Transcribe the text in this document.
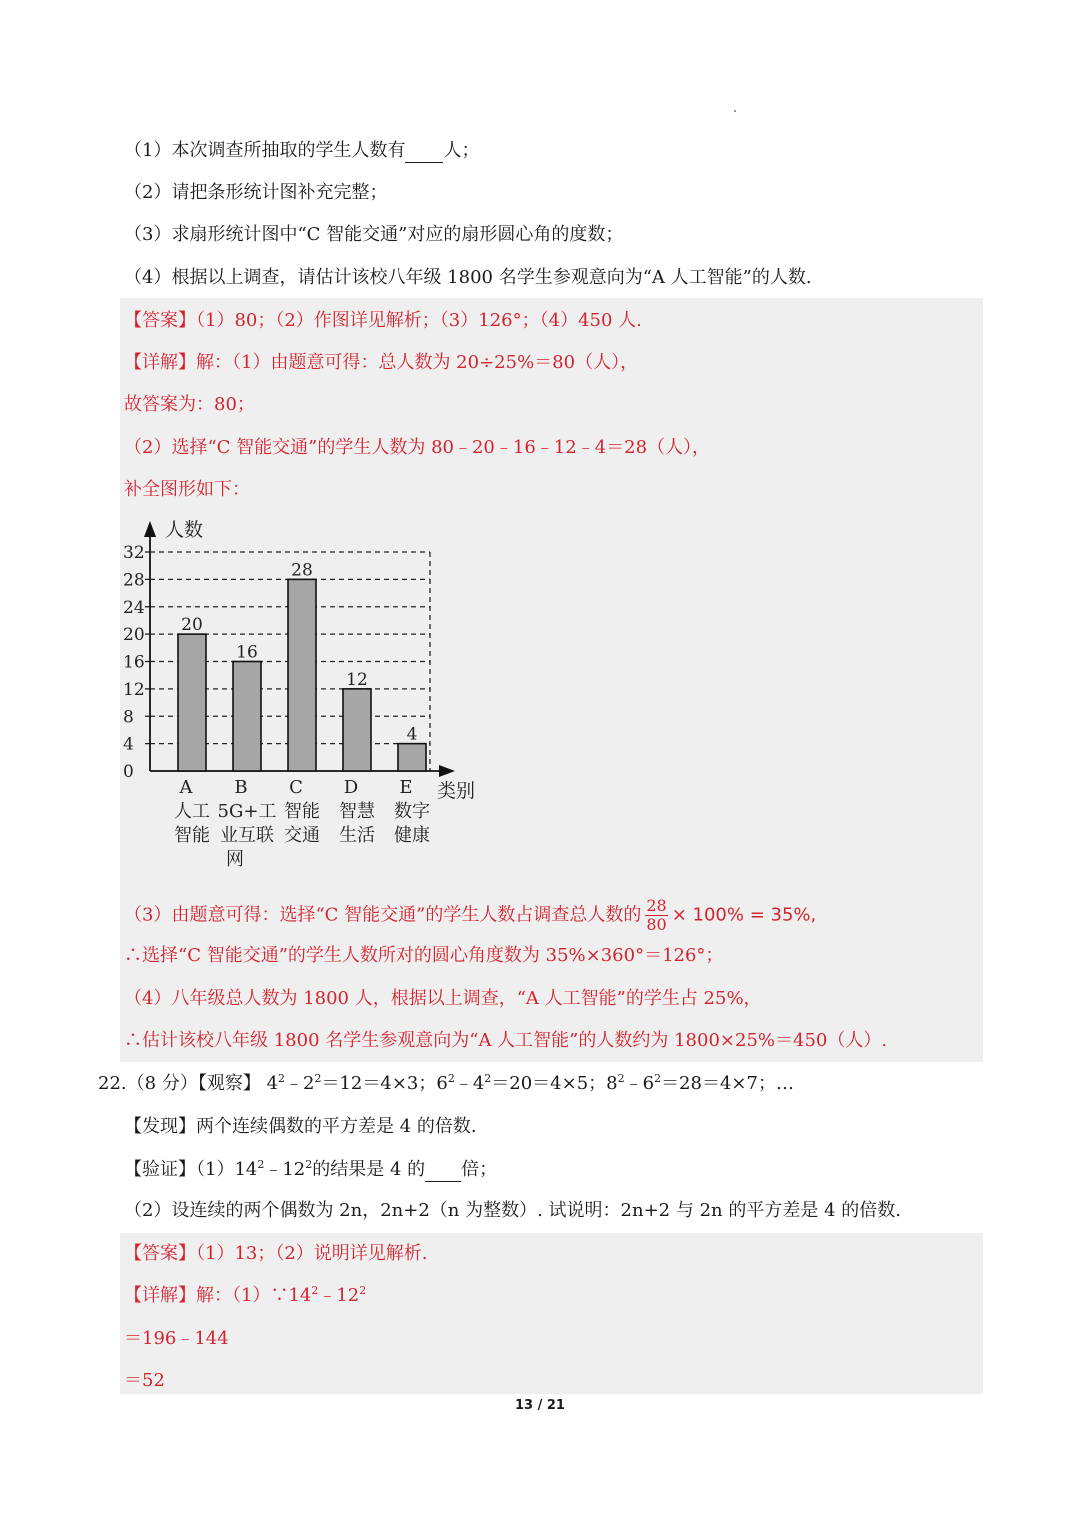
（1）本次调查所抽取的学生人数有 人；
（2）请把条形统计图补充完整；
（3）求扇形统计图中“C 智能交通”对应的扇形圆心角的度数；
（4）根据以上调查，请估计该校八年级 1800 名学生参观意向为“A 人工智能”的人数.
【答案】（1）80；（2）作图详见解析；（3）126°；（4）450 人.
【详解】解：（1）由题意可得：总人数为 20÷25%＝80（人），
故答案为：80；
（2）选择“C 智能交通”的学生人数为 80﹣20﹣16﹣12﹣4＝28（人），
补全图形如下：
0
4
8
12
16
20
24
28
32
人数
类别
20
A
人工
智能
16
B
5G+工
业互联
网
28
C
智能
交通
12
D
智慧
生活
4
E
数字
健康
（3）由题意可得：选择“C 智能交通”的学生人数占调查总人数的 $\frac{28}{80} \times 100\% = 35\%$,
∴选择“C 智能交通”的学生人数所对的圆心角度数为 35%×360°＝126°；
（4）八年级总人数为 1800 人，根据以上调查，“A 人工智能”的学生占 25%，
∴估计该校八年级 1800 名学生参观意向为“A 人工智能”的人数约为 1800×25%＝450（人）.
22.（8 分）【观察】 $4^2﹣2^2=12=4\times 3$；$6^2﹣4^2=20=4\times 5$；$8^2﹣6^2=28=4\times 7$；…
【发现】两个连续偶数的平方差是 4 的倍数.
【验证】$(1)14^2﹣12^2$的结果是 4 的 倍；
（2）设连续的两个偶数为 2n，2n+2（n 为整数）. 试说明：2n+2 与 2n 的平方差是 4 的倍数.
【答案】（1）13；（2）说明详见解析.
【详解】解：$(1)\because 14^2﹣12^2$
＝196﹣144
＝52
13 / 21
